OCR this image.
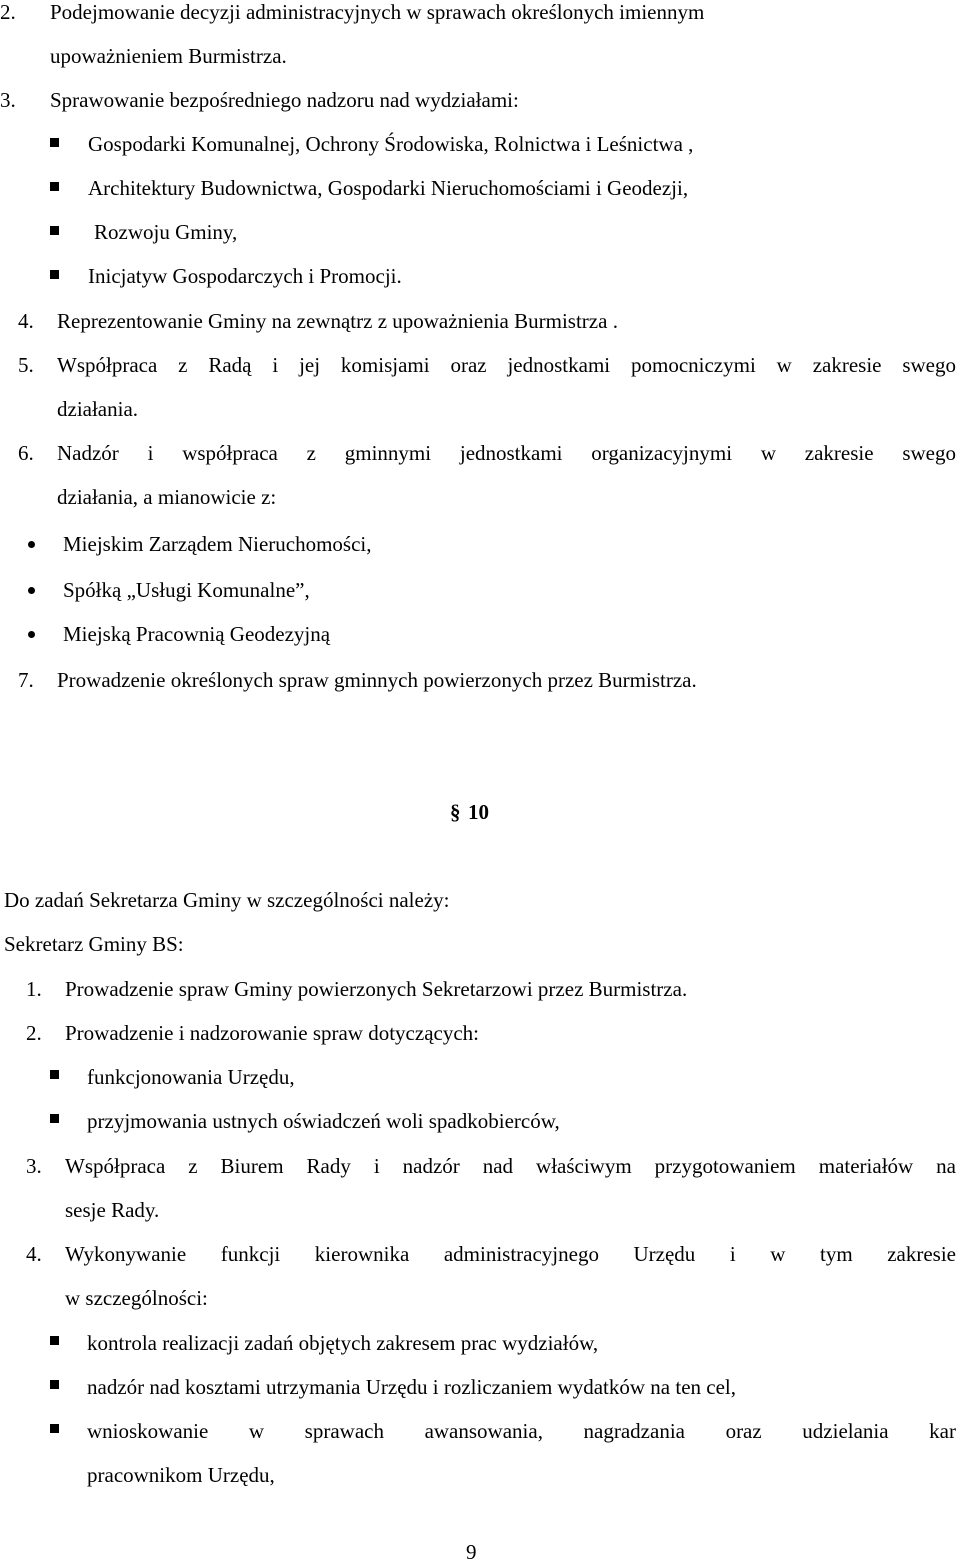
2. Podejmowanie decyzji administracyjnych w sprawach określonych imiennym
upoważnieniem Burmistrza.
3. Sprawowanie bezpośredniego nadzoru nad wydziałami:
Gospodarki Komunalnej, Ochrony Środowiska, Rolnictwa i Leśnictwa ,
Architektury Budownictwa, Gospodarki Nieruchomościami i Geodezji,
Rozwoju Gminy,
Inicjatyw Gospodarczych i Promocji.
4. Reprezentowanie Gminy na zewnątrz z upoważnienia Burmistrza .
5. Współpraca z Radą i jej komisjami oraz jednostkami pomocniczymi w zakresie swego
działania.
6. Nadzór i współpraca z gminnymi jednostkami organizacyjnymi w zakresie swego
działania, a mianowicie z:
Miejskim Zarządem Nieruchomości,
Spółką „Usługi Komunalne”,
Miejską Pracownią Geodezyjną
7. Prowadzenie określonych spraw gminnych powierzonych przez Burmistrza.
§ 10
Do zadań Sekretarza Gminy w szczególności należy:
Sekretarz Gminy BS:
1. Prowadzenie spraw Gminy powierzonych Sekretarzowi przez Burmistrza.
2. Prowadzenie i nadzorowanie spraw dotyczących:
funkcjonowania Urzędu,
przyjmowania ustnych oświadczeń woli spadkobierców,
3. Współpraca z Biurem Rady i nadzór nad właściwym przygotowaniem materiałów na
sesje Rady.
4. Wykonywanie funkcji kierownika administracyjnego Urzędu i w tym zakresie
w szczególności:
kontrola realizacji zadań objętych zakresem prac wydziałów,
nadzór nad kosztami utrzymania Urzędu i rozliczaniem wydatków na ten cel,
wnioskowanie w sprawach awansowania, nagradzania oraz udzielania kar
pracownikom Urzędu,
9
